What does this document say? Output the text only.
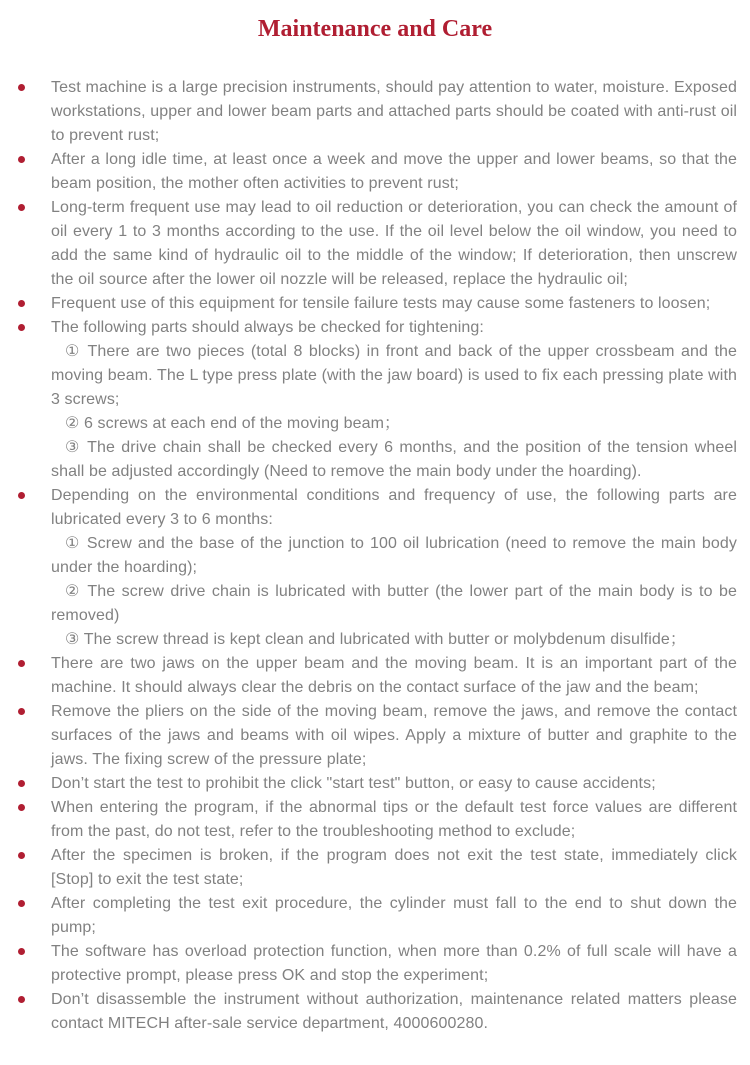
Maintenance and Care
Test machine is a large precision instruments, should pay attention to water, moisture. Exposed workstations, upper and lower beam parts and attached parts should be coated with anti-rust oil to prevent rust;
After a long idle time, at least once a week and move the upper and lower beams, so that the beam position, the mother often activities to prevent rust;
Long-term frequent use may lead to oil reduction or deterioration, you can check the amount of oil every 1 to 3 months according to the use. If the oil level below the oil window, you need to add the same kind of hydraulic oil to the middle of the window; If deterioration, then unscrew the oil source after the lower oil nozzle will be released, replace the hydraulic oil;
Frequent use of this equipment for tensile failure tests may cause some fasteners to loosen;
The following parts should always be checked for tightening:
① There are two pieces (total 8 blocks) in front and back of the upper crossbeam and the moving beam. The L type press plate (with the jaw board) is used to fix each pressing plate with 3 screws;
② 6 screws at each end of the moving beam；
③ The drive chain shall be checked every 6 months, and the position of the tension wheel shall be adjusted accordingly (Need to remove the main body under the hoarding).
Depending on the environmental conditions and frequency of use, the following parts are lubricated every 3 to 6 months:
① Screw and the base of the junction to 100 oil lubrication (need to remove the main body under the hoarding);
② The screw drive chain is lubricated with butter (the lower part of the main body is to be removed)
③ The screw thread is kept clean and lubricated with butter or molybdenum disulfide；
There are two jaws on the upper beam and the moving beam. It is an important part of the machine. It should always clear the debris on the contact surface of the jaw and the beam;
Remove the pliers on the side of the moving beam, remove the jaws, and remove the contact surfaces of the jaws and beams with oil wipes. Apply a mixture of butter and graphite to the jaws. The fixing screw of the pressure plate;
Don’t start the test to prohibit the click "start test" button, or easy to cause accidents;
When entering the program, if the abnormal tips or the default test force values are different from the past, do not test, refer to the troubleshooting method to exclude;
After the specimen is broken, if the program does not exit the test state, immediately click [Stop] to exit the test state;
After completing the test exit procedure, the cylinder must fall to the end to shut down the pump;
The software has overload protection function, when more than 0.2% of full scale will have a protective prompt, please press OK and stop the experiment;
Don’t disassemble the instrument without authorization, maintenance related matters please contact MITECH after-sale service department, 4000600280.
